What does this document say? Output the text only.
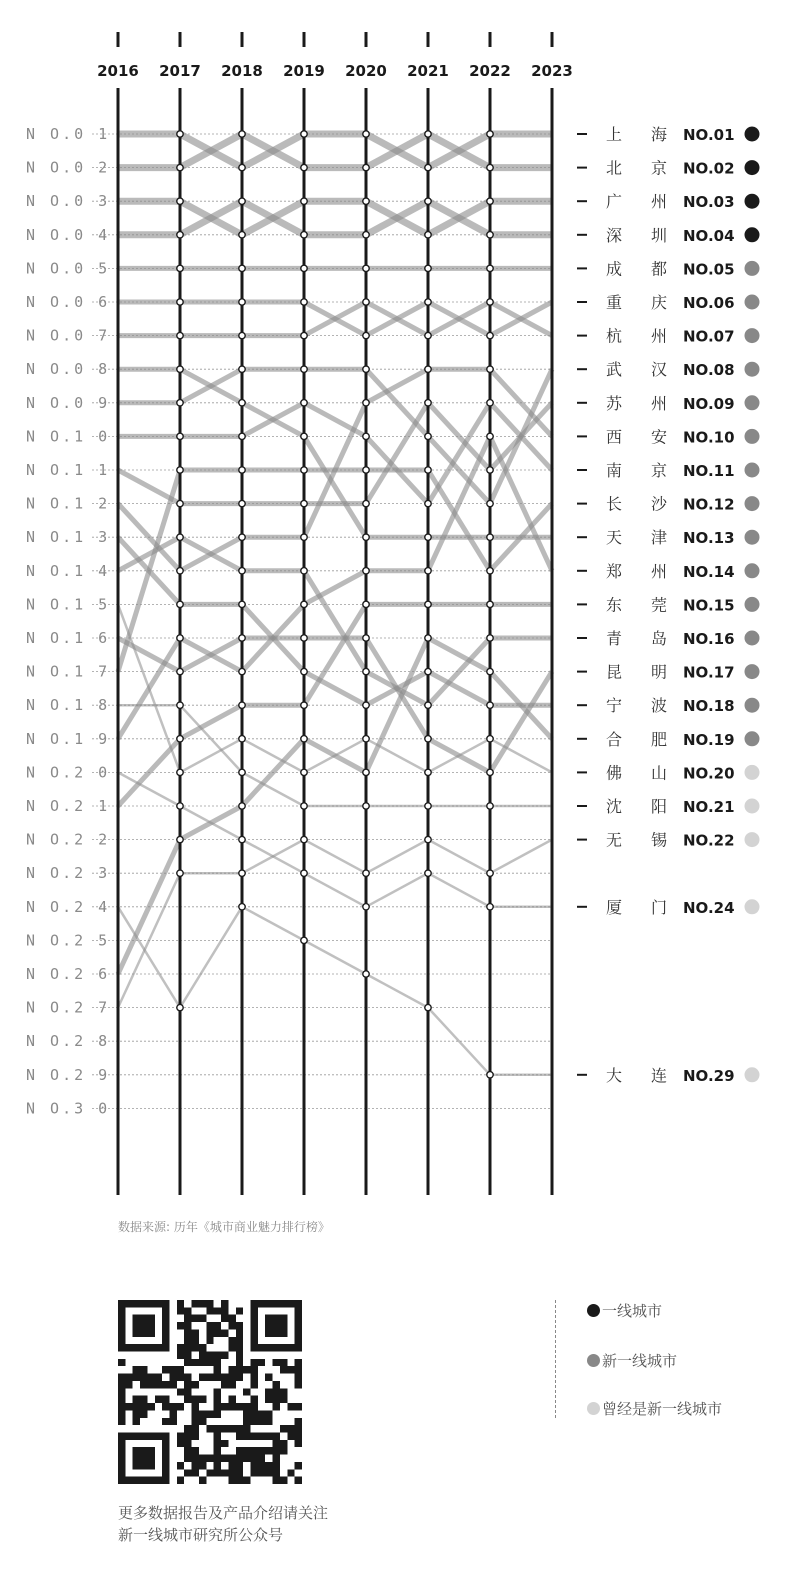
N O.0 1
N O.0 2
N O.0 3
N O.0 4
N O.0 5
N O.0 6
N O.0 7
N O.0 8
N O.0 9
N O.1 0
N O.1 1
N O.1 2
N O.1 3
N O.1 4
N O.1 5
N O.1 6
N O.1 7
N O.1 8
N O.1 9
N O.2 0
N O.2 1
N O.2 2
N O.2 3
N O.2 4
N O.2 5
N O.2 6
N O.2 7
N O.2 8
N O.2 9
N O.3 0
2016 2017 2018 2019 2020 2021 2022 2023
上 海 NO.01
北 京 NO.02
广 州 NO.03
深 圳 NO.04
成 都 NO.05
重 庆 NO.06
杭 州 NO.07
武 汉 NO.08
苏 州 NO.09
西 安 NO.10
南 京 NO.11
长 沙 NO.12
天 津 NO.13
郑 州 NO.14
东 莞 NO.15
青 岛 NO.16
昆 明 NO.17
宁 波 NO.18
合 肥 NO.19
佛 山 NO.20
沈 阳 NO.21
无 锡 NO.22
厦 门 NO.24
大 连 NO.29
数据来源: 历年《城市商业魅力排行榜》
更多数据报告及产品介绍请关注
新一线城市研究所公众号
一线城市
新一线城市
曾经是新一线城市
